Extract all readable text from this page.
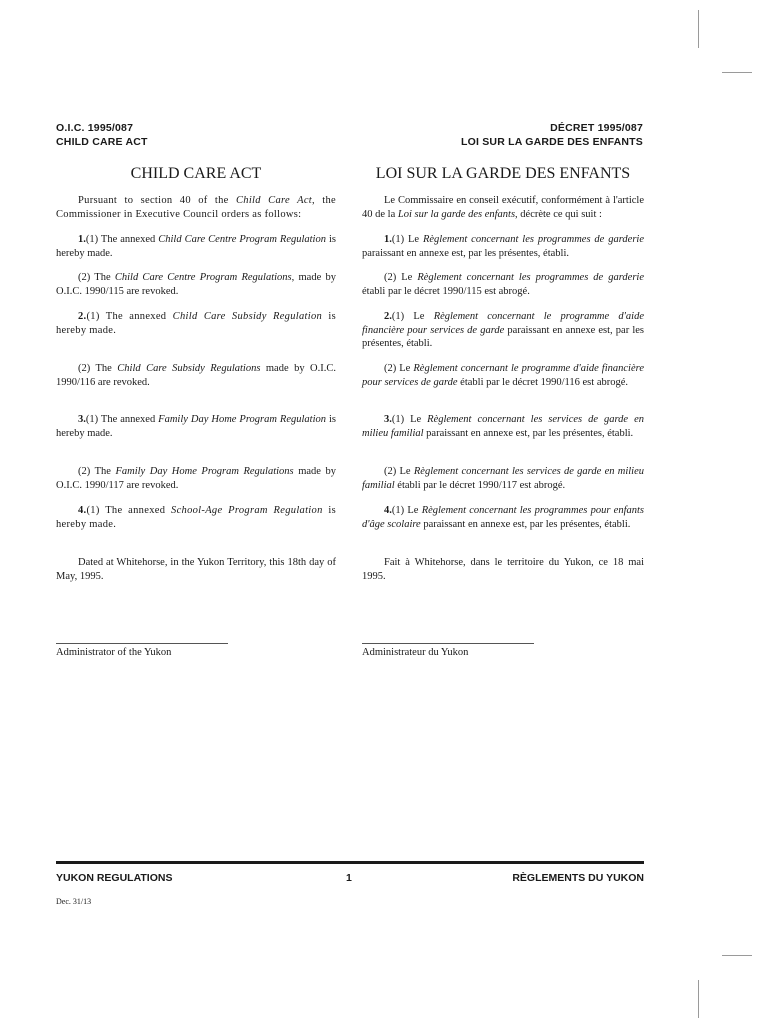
O.I.C. 1995/087
CHILD CARE ACT
DÉCRET 1995/087
LOI SUR LA GARDE DES ENFANTS
CHILD CARE ACT	LOI SUR LA GARDE DES ENFANTS
Pursuant to section 40 of the Child Care Act, the Commissioner in Executive Council orders as follows:
1.(1) The annexed Child Care Centre Program Regulation is hereby made.
(2) The Child Care Centre Program Regulations, made by O.I.C. 1990/115 are revoked.
2.(1) The annexed Child Care Subsidy Regulation is hereby made.
(2) The Child Care Subsidy Regulations made by O.I.C. 1990/116 are revoked.
3.(1) The annexed Family Day Home Program Regulation is hereby made.
(2) The Family Day Home Program Regulations made by O.I.C. 1990/117 are revoked.
4.(1) The annexed School-Age Program Regulation is hereby made.
Dated at Whitehorse, in the Yukon Territory, this 18th day of May, 1995.
Administrator of the Yukon
Le Commissaire en conseil exécutif, conformément à l'article 40 de la Loi sur la garde des enfants, décrète ce qui suit :
1.(1) Le Règlement concernant les programmes de garderie paraissant en annexe est, par les présentes, établi.
(2) Le Règlement concernant les programmes de garderie établi par le décret 1990/115 est abrogé.
2.(1) Le Règlement concernant le programme d'aide financière pour services de garde paraissant en annexe est, par les présentes, établi.
(2) Le Règlement concernant le programme d'aide financière pour services de garde établi par le décret 1990/116 est abrogé.
3.(1) Le Règlement concernant les services de garde en milieu familial paraissant en annexe est, par les présentes, établi.
(2) Le Règlement concernant les services de garde en milieu familial établi par le décret 1990/117 est abrogé.
4.(1) Le Règlement concernant les programmes pour enfants d'âge scolaire paraissant en annexe est, par les présentes, établi.
Fait à Whitehorse, dans le territoire du Yukon, ce 18 mai 1995.
Administrateur du Yukon
YUKON REGULATIONS	1	RÈGLEMENTS DU YUKON
Dec. 31/13
